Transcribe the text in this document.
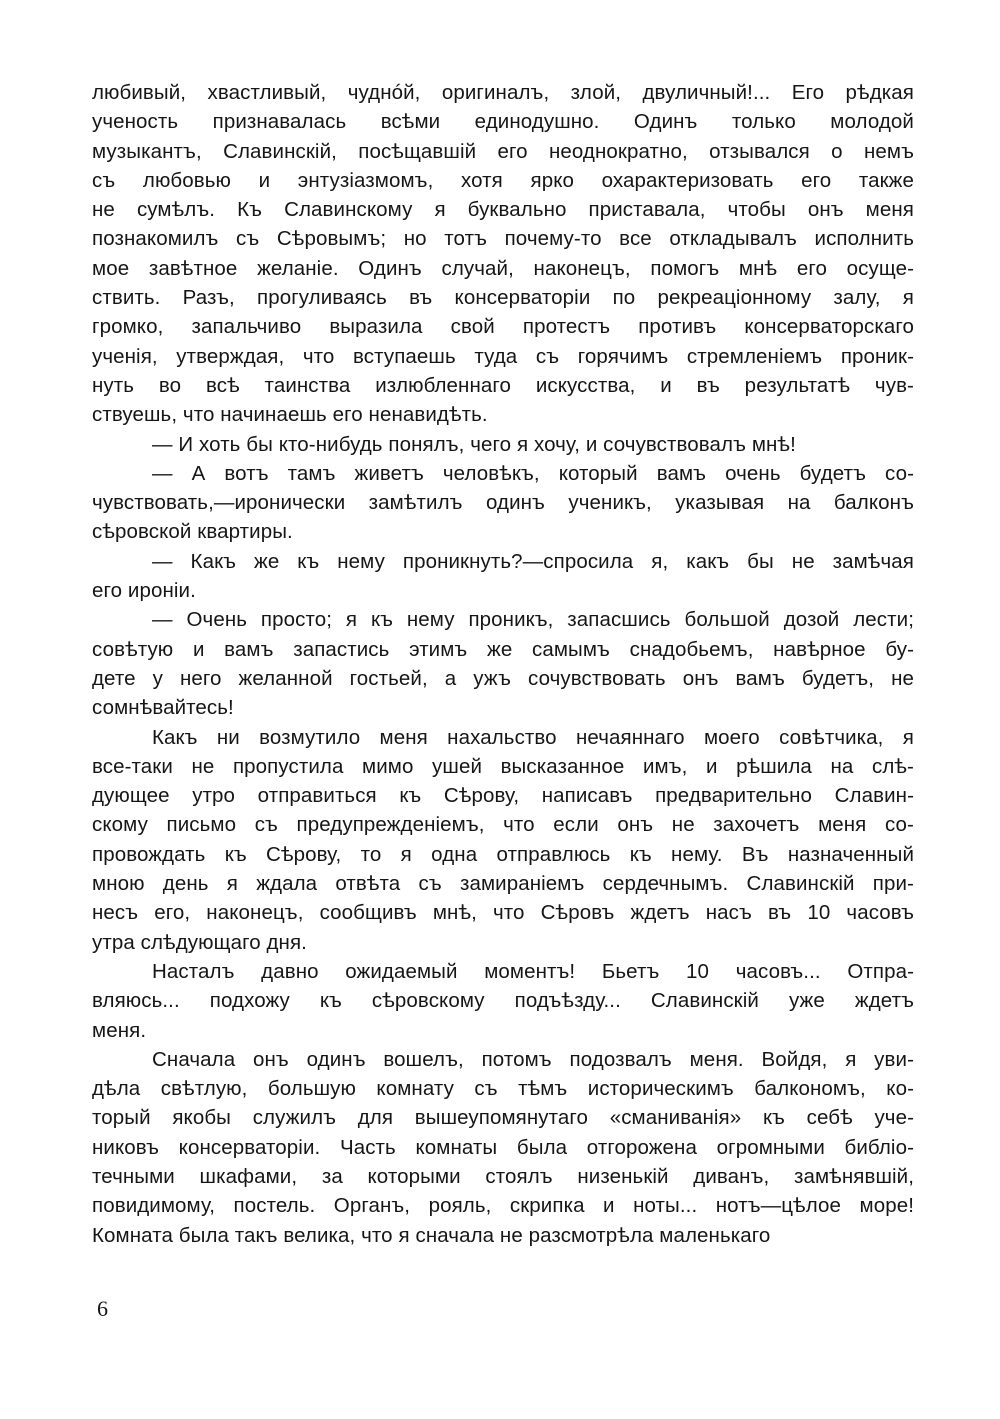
любивый, хвастливый, чуднóй, оригиналъ, злой, двуличный!... Его рѣдкая
ученость признавалась всѣми единодушно. Одинъ только молодой
музыкантъ, Славинскій, посѣщавшій его неоднократно, отзывался о немъ
съ любовью и энтузіазмомъ, хотя ярко охарактеризовать его также
не сумѣлъ. Къ Славинскому я буквально приставала, чтобы онъ меня
познакомилъ съ Сѣровымъ; но тотъ почему-то все откладывалъ исполнить
мое завѣтное желаніе. Одинъ случай, наконецъ, помогъ мнѣ его осуще-
ствить. Разъ, прогуливаясь въ консерваторіи по рекреаціонному залу, я
громко, запальчиво выразила свой протестъ противъ консерваторскаго
ученія, утверждая, что вступаешь туда съ горячимъ стремленіемъ проник-
нуть во всѣ таинства излюбленнаго искусства, и въ результатѣ чув-
ствуешь, что начинаешь его ненавидѣть.
— И хоть бы кто-нибудь понялъ, чего я хочу, и сочувствовалъ мнѣ!
— А вотъ тамъ живетъ человѣкъ, который вамъ очень будетъ со-
чувствовать,—иронически замѣтилъ одинъ ученикъ, указывая на балконъ
сѣровской квартиры.
— Какъ же къ нему проникнуть?—спросила я, какъ бы не замѣчая
его ироніи.
— Очень просто; я къ нему проникъ, запасшись большой дозой лести;
совѣтую и вамъ запастись этимъ же самымъ снадобьемъ, навѣрное бу-
дете у него желанной гостьей, а ужъ сочувствовать онъ вамъ будетъ, не
сомнѣвайтесь!
Какъ ни возмутило меня нахальство нечаяннаго моего совѣтчика, я
все-таки не пропустила мимо ушей высказанное имъ, и рѣшила на слѣ-
дующее утро отправиться къ Сѣрову, написавъ предварительно Славин-
скому письмо съ предупрежденіемъ, что если онъ не захочетъ меня со-
провождать къ Сѣрову, то я одна отправлюсь къ нему. Въ назначенный
мною день я ждала отвѣта съ замираніемъ сердечнымъ. Славинскій при-
несъ его, наконецъ, сообщивъ мнѣ, что Сѣровъ ждетъ насъ въ 10 часовъ
утра слѣдующаго дня.
Насталъ давно ожидаемый моментъ! Бьетъ 10 часовъ... Отпра-
вляюсь... подхожу къ сѣровскому подъѣзду... Славинскій уже ждетъ
меня.
Сначала онъ одинъ вошелъ, потомъ подозвалъ меня. Войдя, я уви-
дѣла свѣтлую, большую комнату съ тѣмъ историческимъ балкономъ, ко-
торый якобы служилъ для вышеупомянутаго «сманиванія» къ себѣ уче-
никовъ консерваторіи. Часть комнаты была отгорожена огромными библіо-
течными шкафами, за которыми стоялъ низенькій диванъ, замѣнявшій,
повидимому, постель. Органъ, рояль, скрипка и ноты... нотъ—цѣлое море!
Комната была такъ велика, что я сначала не разсмотрѣла маленькаго
6
